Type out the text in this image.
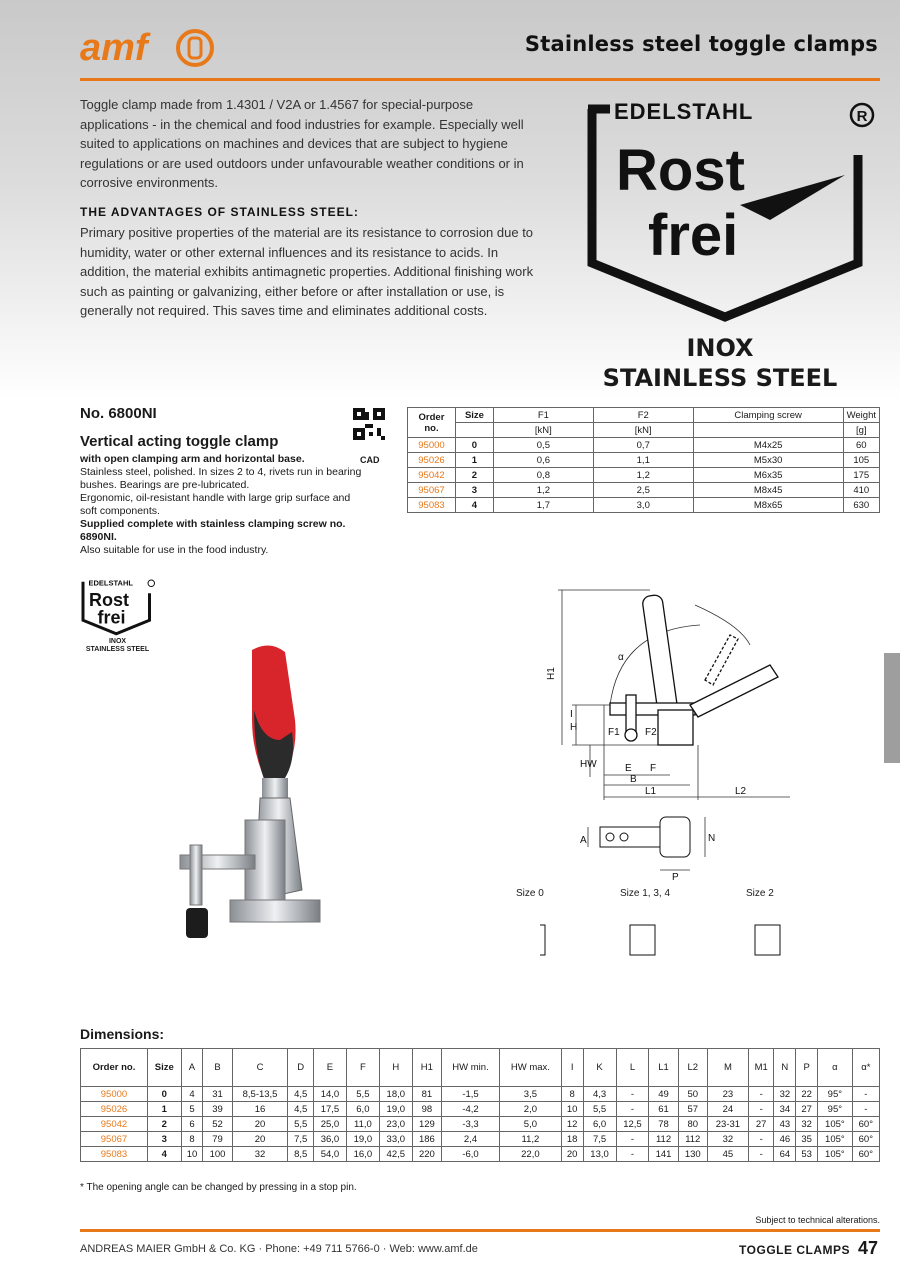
amf	Stainless steel toggle clamps
Toggle clamp made from 1.4301 / V2A or 1.4567 for special-purpose applications - in the chemical and food industries for example. Especially well suited to applications on machines and devices that are subject to hygiene regulations or are used outdoors under unfavourable weather conditions or in corrosive environments.
THE ADVANTAGES OF STAINLESS STEEL:
Primary positive properties of the material are its resistance to corrosion due to humidity, water or other external influences and its resistance to acids. In addition, the material exhibits antimagnetic properties. Additional finishing work such as painting or galvanizing, either before or after installation or use, is generally not required. This saves time and eliminates additional costs.
EDELSTAHL	R
Rost
frei
INOX
STAINLESS STEEL
No. 6800NI
Vertical acting toggle clamp
with open clamping arm and horizontal base.
Stainless steel, polished. In sizes 2 to 4, rivets run in bearing bushes. Bearings are pre-lubricated.
Ergonomic, oil-resistant handle with large grip surface and soft components.
Supplied complete with stainless clamping screw no. 6890NI.
Also suitable for use in the food industry.
CAD
Order no.	Size	F1	F2	Clamping screw	Weight
		[kN]	[kN]		[g]
95000	0	0,5	0,7	M4x25	60
95026	1	0,6	1,1	M5x30	105
95042	2	0,8	1,2	M6x35	175
95067	3	1,2	2,5	M8x45	410
95083	4	1,7	3,0	M8x65	630
EDELSTAHL
Rost
frei
INOX
STAINLESS STEEL
H1
H
I
HW
F1	F2
E F
B
L1	L2
A	N
P
α
Size 0	Size 1, 3, 4	Size 2
Dimensions:
Order no.	Size	A	B	C	D	E	F	H	H1	HW min.	HW max.	I	K	L	L1	L2	M	M1	N	P	α	α*
95000	0	4	31	8,5-13,5	4,5	14,0	5,5	18,0	81	-1,5	3,5	8	4,3	-	49	50	23	-	32	22	95°	-
95026	1	5	39	16	4,5	17,5	6,0	19,0	98	-4,2	2,0	10	5,5	-	61	57	24	-	34	27	95°	-
95042	2	6	52	20	5,5	25,0	11,0	23,0	129	-3,3	5,0	12	6,0	12,5	78	80	23-31	27	43	32	105°	60°
95067	3	8	79	20	7,5	36,0	19,0	33,0	186	2,4	11,2	18	7,5	-	112	112	32	-	46	35	105°	60°
95083	4	10	100	32	8,5	54,0	16,0	42,5	220	-6,0	22,0	20	13,0	-	141	130	45	-	64	53	105°	60°
* The opening angle can be changed by pressing in a stop pin.
Subject to technical alterations.
ANDREAS MAIER GmbH & Co. KG · Phone: +49 711 5766-0 · Web: www.amf.de	TOGGLE CLAMPS 47
